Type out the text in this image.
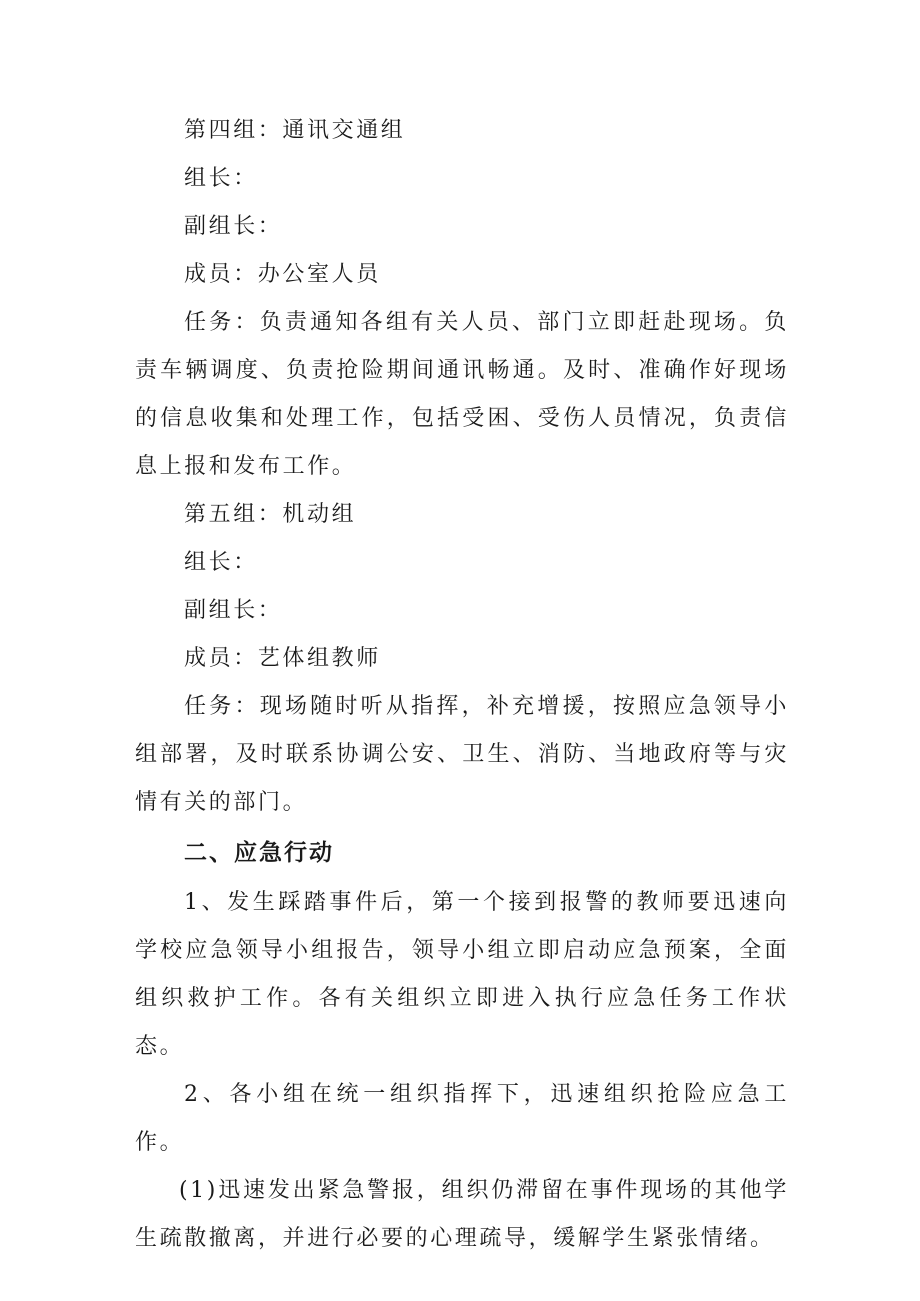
第四组：通讯交通组

组长：

副组长：

成员：办公室人员

任务：负责通知各组有关人员、部门立即赶赴现场。负责车辆调度、负责抢险期间通讯畅通。及时、准确作好现场的信息收集和处理工作，包括受困、受伤人员情况，负责信息上报和发布工作。

第五组：机动组

组长：

副组长：

成员：艺体组教师

任务：现场随时听从指挥，补充增援，按照应急领导小组部署，及时联系协调公安、卫生、消防、当地政府等与灾情有关的部门。

二、应急行动

1、发生踩踏事件后，第一个接到报警的教师要迅速向学校应急领导小组报告，领导小组立即启动应急预案，全面组织救护工作。各有关组织立即进入执行应急任务工作状态。

2、各小组在统一组织指挥下，迅速组织抢险应急工作。

(1)迅速发出紧急警报，组织仍滞留在事件现场的其他学生疏散撤离，并进行必要的心理疏导，缓解学生紧张情绪。
